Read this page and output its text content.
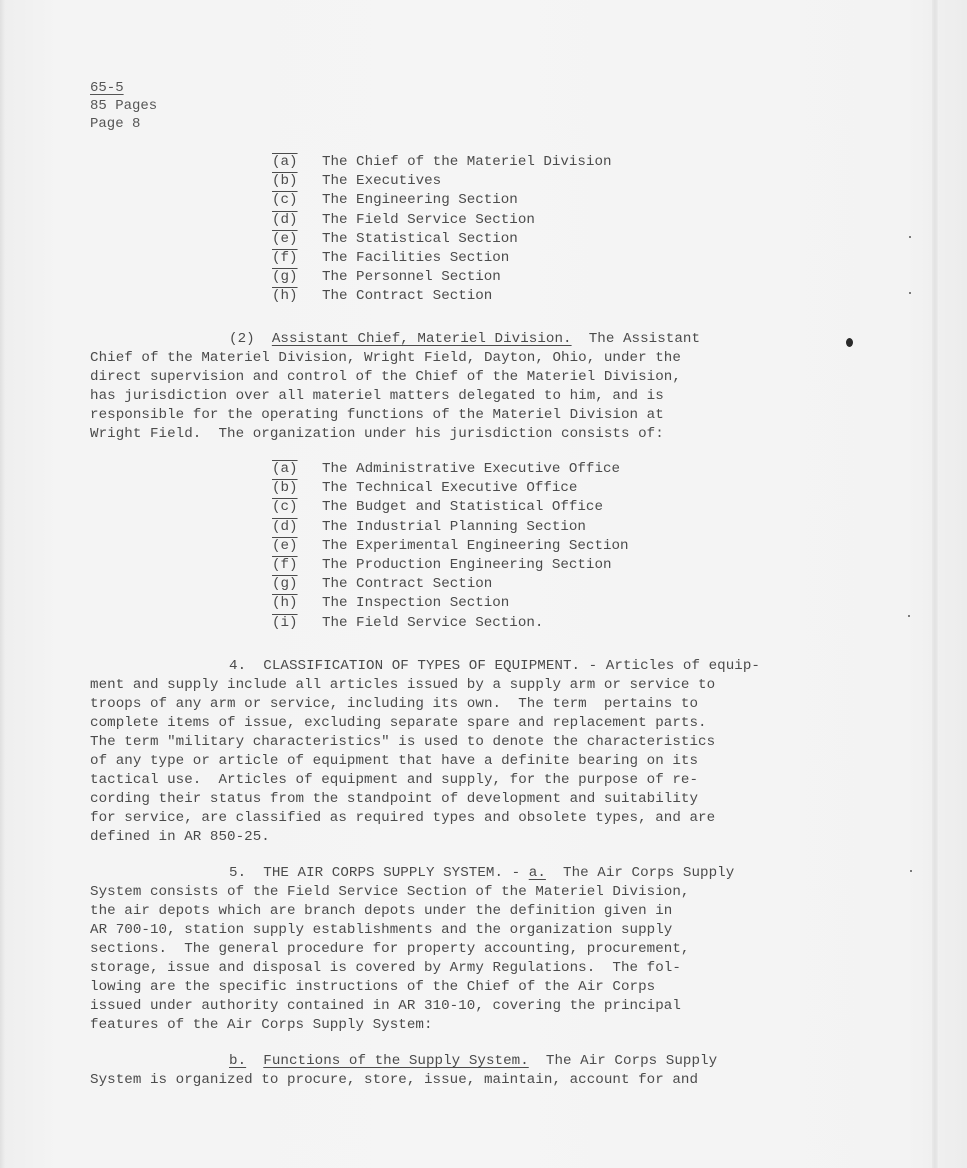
65-5
85 Pages
Page 8
(a)	The Chief of the Materiel Division
(b)	The Executives
(c)	The Engineering Section
(d)	The Field Service Section
(e)	The Statistical Section
(f)	The Facilities Section
(g)	The Personnel Section
(h)	The Contract Section
(2) Assistant Chief, Materiel Division. The Assistant
Chief of the Materiel Division, Wright Field, Dayton, Ohio, under the
direct supervision and control of the Chief of the Materiel Division,
has jurisdiction over all materiel matters delegated to him, and is
responsible for the operating functions of the Materiel Division at
Wright Field.  The organization under his jurisdiction consists of:
(a)	The Administrative Executive Office
(b)	The Technical Executive Office
(c)	The Budget and Statistical Office
(d)	The Industrial Planning Section
(e)	The Experimental Engineering Section
(f)	The Production Engineering Section
(g)	The Contract Section
(h)	The Inspection Section
(i)	The Field Service Section.
4.  CLASSIFICATION OF TYPES OF EQUIPMENT. - Articles of equip-
ment and supply include all articles issued by a supply arm or service to
troops of any arm or service, including its own.  The term  pertains to
complete items of issue, excluding separate spare and replacement parts.
The term "military characteristics" is used to denote the characteristics
of any type or article of equipment that have a definite bearing on its
tactical use.  Articles of equipment and supply, for the purpose of re-
cording their status from the standpoint of development and suitability
for service, are classified as required types and obsolete types, and are
defined in AR 850-25.
5.  THE AIR CORPS SUPPLY SYSTEM. - a.  The Air Corps Supply
System consists of the Field Service Section of the Materiel Division,
the air depots which are branch depots under the definition given in
AR 700-10, station supply establishments and the organization supply
sections.  The general procedure for property accounting, procurement,
storage, issue and disposal is covered by Army Regulations.  The fol-
lowing are the specific instructions of the Chief of the Air Corps
issued under authority contained in AR 310-10, covering the principal
features of the Air Corps Supply System:
b. Functions of the Supply System.  The Air Corps Supply
System is organized to procure, store, issue, maintain, account for and
